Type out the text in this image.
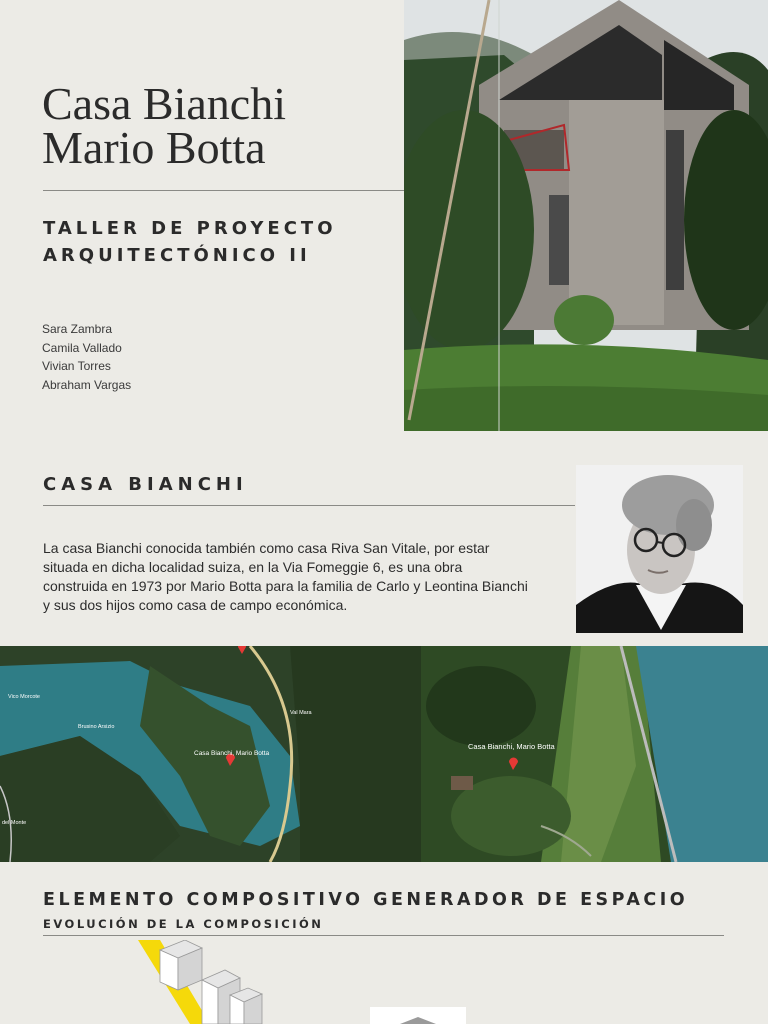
Casa Bianchi
Mario Botta
TALLER DE PROYECTO
ARQUITECTÓNICO II
Sara Zambra
Camila Vallado
Vivian Torres
Abraham Vargas
CASA BIANCHI
La casa Bianchi conocida también como casa Riva San Vitale, por estar situada en dicha localidad suiza, en la Via Fomeggie 6, es una obra construida en 1973 por Mario Botta para la familia de Carlo y Leontina Bianchi y sus dos hijos como casa de campo económica.
Casa Bianchi, Mario Botta
Vico Morcote
Brusino Arsizio
Val Mara
del Monte
Casa Bianchi, Mario Botta
ELEMENTO COMPOSITIVO GENERADOR DE ESPACIO
EVOLUCIÓN DE LA COMPOSICIÓN
